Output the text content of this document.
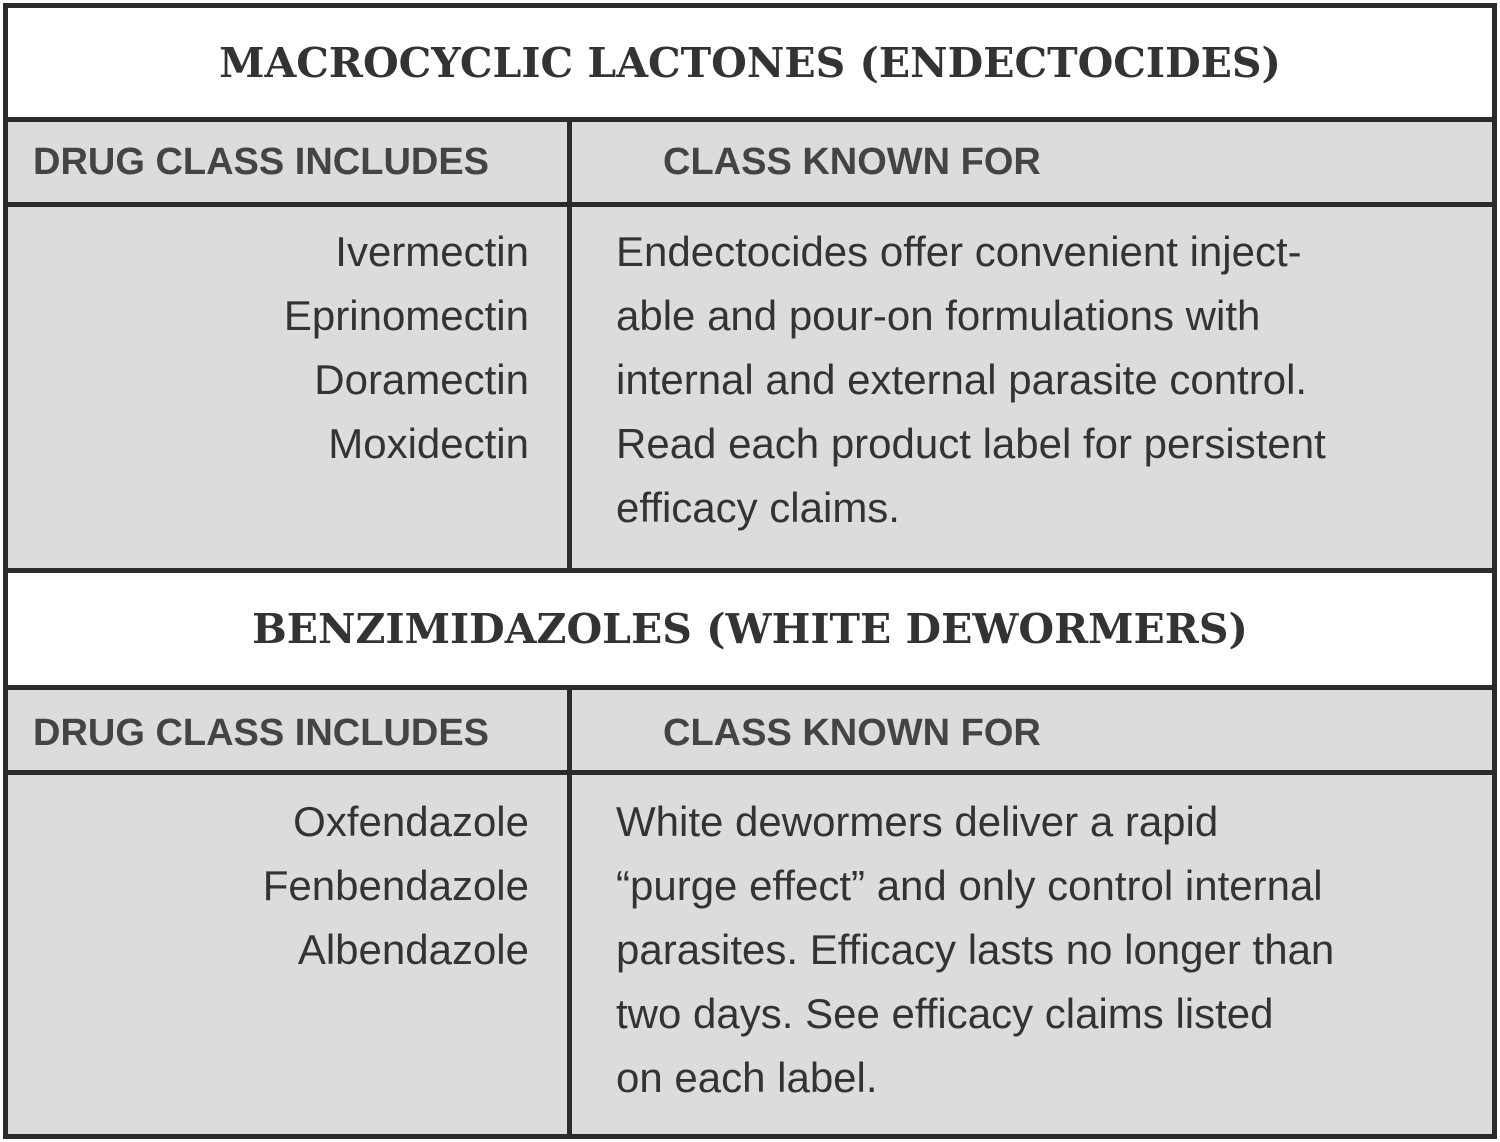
MACROCYCLIC LACTONES (ENDECTOCIDES)
DRUG CLASS INCLUDES	CLASS KNOWN FOR
Ivermectin
Eprinomectin
Doramectin
Moxidectin

Endectocides offer convenient inject-
able and pour-on formulations with
internal and external parasite control.
Read each product label for persistent
efficacy claims.

BENZIMIDAZOLES (WHITE DEWORMERS)
DRUG CLASS INCLUDES	CLASS KNOWN FOR
Oxfendazole
Fenbendazole
Albendazole

White dewormers deliver a rapid
“purge effect” and only control internal
parasites. Efficacy lasts no longer than
two days. See efficacy claims listed
on each label.
